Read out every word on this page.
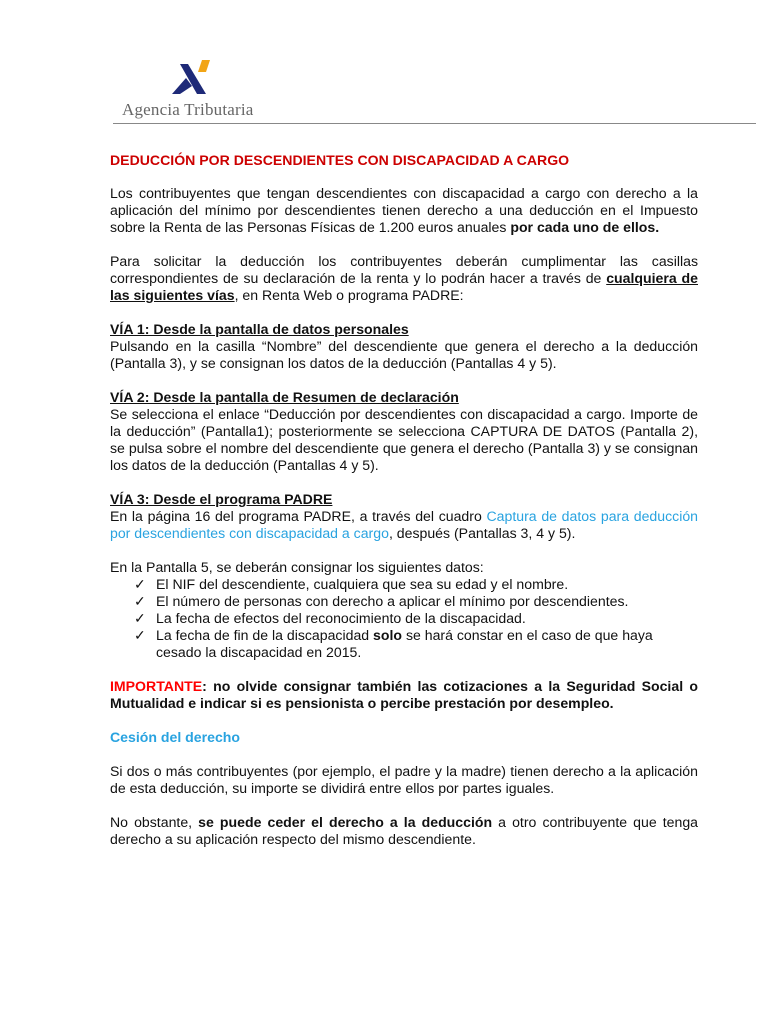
Agencia Tributaria
DEDUCCIÓN POR DESCENDIENTES CON DISCAPACIDAD A CARGO

Los contribuyentes que tengan descendientes con discapacidad a cargo con derecho a la aplicación del mínimo por descendientes tienen derecho a una deducción en el Impuesto sobre la Renta de las Personas Físicas de 1.200 euros anuales por cada uno de ellos.

Para solicitar la deducción los contribuyentes deberán cumplimentar las casillas correspondientes de su declaración de la renta y lo podrán hacer a través de cualquiera de las siguientes vías, en Renta Web o programa PADRE:

VÍA 1: Desde la pantalla de datos personales
Pulsando en la casilla “Nombre” del descendiente que genera el derecho a la deducción (Pantalla 3), y se consignan los datos de la deducción (Pantallas 4 y 5).

VÍA 2: Desde la pantalla de Resumen de declaración
Se selecciona el enlace “Deducción por descendientes con discapacidad a cargo. Importe de la deducción” (Pantalla1); posteriormente se selecciona CAPTURA DE DATOS (Pantalla 2), se pulsa sobre el nombre del descendiente que genera el derecho (Pantalla 3) y se consignan los datos de la deducción (Pantallas 4 y 5).

VÍA 3: Desde el programa PADRE
En la página 16 del programa PADRE, a través del cuadro Captura de datos para deducción por descendientes con discapacidad a cargo, después (Pantallas 3, 4 y 5).

En la Pantalla 5, se deberán consignar los siguientes datos:

✓ El NIF del descendiente, cualquiera que sea su edad y el nombre.
✓ El número de personas con derecho a aplicar el mínimo por descendientes.
✓ La fecha de efectos del reconocimiento de la discapacidad.
✓ La fecha de fin de la discapacidad solo se hará constar en el caso de que haya cesado la discapacidad en 2015.

IMPORTANTE: no olvide consignar también las cotizaciones a la Seguridad Social o Mutualidad e indicar si es pensionista o percibe prestación por desempleo.

Cesión del derecho

Si dos o más contribuyentes (por ejemplo, el padre y la madre) tienen derecho a la aplicación de esta deducción, su importe se dividirá entre ellos por partes iguales.

No obstante, se puede ceder el derecho a la deducción a otro contribuyente que tenga derecho a su aplicación respecto del mismo descendiente.
